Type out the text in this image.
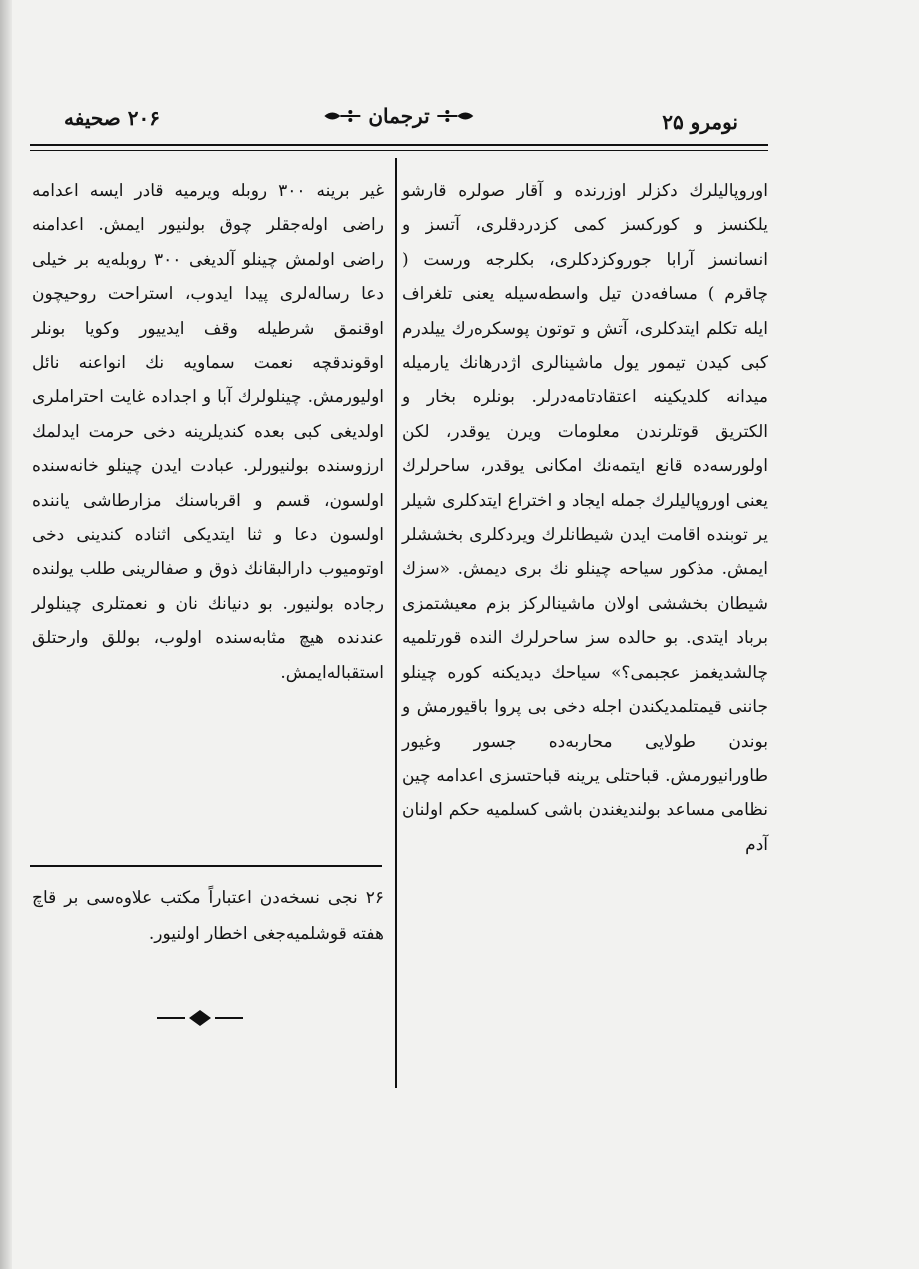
۲۰۶ صحیفه	ترجمان	نومرو ۲۵

اوروپالیلرك دكزلر اوزرنده و آقار صولره قارشو یلكنسز و كوركسز كمی كزدردقلری، آتسز و انسانسز آرابا جوروكزدكلری، بكلرجه ورست ( چاقرم ) مسافه‌دن تیل واسطه‌سیله یعنی تلغراف ایله تكلم ایتدكلری، آتش و توتون پوسكره‌رك ییلدرم كبی كیدن تیمور یول ماشینالری اژدرهانك یارمیله میدانه كلدیكینه اعتقادتامه‌درلر. بونلره بخار و الكتریق قوتلرندن معلومات ویرن یوقدر، لكن اولورسه‌ده قانع ایتمه‌نك امكانی یوقدر، ساحرلرك یعنی اوروپالیلرك جمله ایجاد و اختراع ایتدكلری شیلر یر توبنده اقامت ایدن شیطانلرك ویردكلری بخششلر ایمش. مذكور سیاحه چینلو نك بری دیمش. «سزك شیطان بخششی اولان ماشینالركز بزم معیشتمزی برباد ایتدی. بو حالده سز ساحرلرك النده قورتلمیه چالشدیغمز عجبمی؟» سیاحك دیدیكنه كوره چینلو جاننی قیمتلمدیكندن اجله دخی بی پروا باقیورمش و بوندن طولایی محاربه‌ده جسور وغیور طاورانیورمش. قباحتلی یرینه قباحتسزی اعدامه چین نظامی مساعد بولندیغندن باشی كسلمیه حكم اولنان آدم

غیر برینه ۳۰۰ روبله ویرمیه قادر ایسه اعدامه راضی اوله‌جقلر چوق بولنیور ایمش. اعدامنه راضی اولمش چینلو آلدیغی ۳۰۰ روبله‌یه بر خیلی دعا رساله‌لری پیدا ایدوب، استراحت روحیچون اوقنمق شرطیله وقف ایدییور وكویا بونلر اوقوندقچه نعمت سماویه نك انواعنه نائل اولیورمش. چینلولرك آبا و اجداده غایت احتراملری اولدیغی كبی بعده كندیلرینه دخی حرمت ایدلمك ارزوسنده بولنیورلر. عبادت ایدن چینلو خانه‌سنده اولسون، قسم و اقرباسنك مزارطاشی یاننده اولسون دعا و ثنا ایتدیكی اثناده كندینی دخی اوتومیوب دارالبقانك ذوق و صفالرینی طلب یولنده رجاده بولنیور. بو دنیانك نان و نعمتلری چینلولر عندنده هیچ مثابه‌سنده اولوب، بوللق وارحتلق استقباله‌ایمش.

۲۶ نجی نسخه‌دن اعتباراً مكتب علاوه‌سی بر قاچ هفته قوشلمیه‌جغی اخطار اولنیور.
